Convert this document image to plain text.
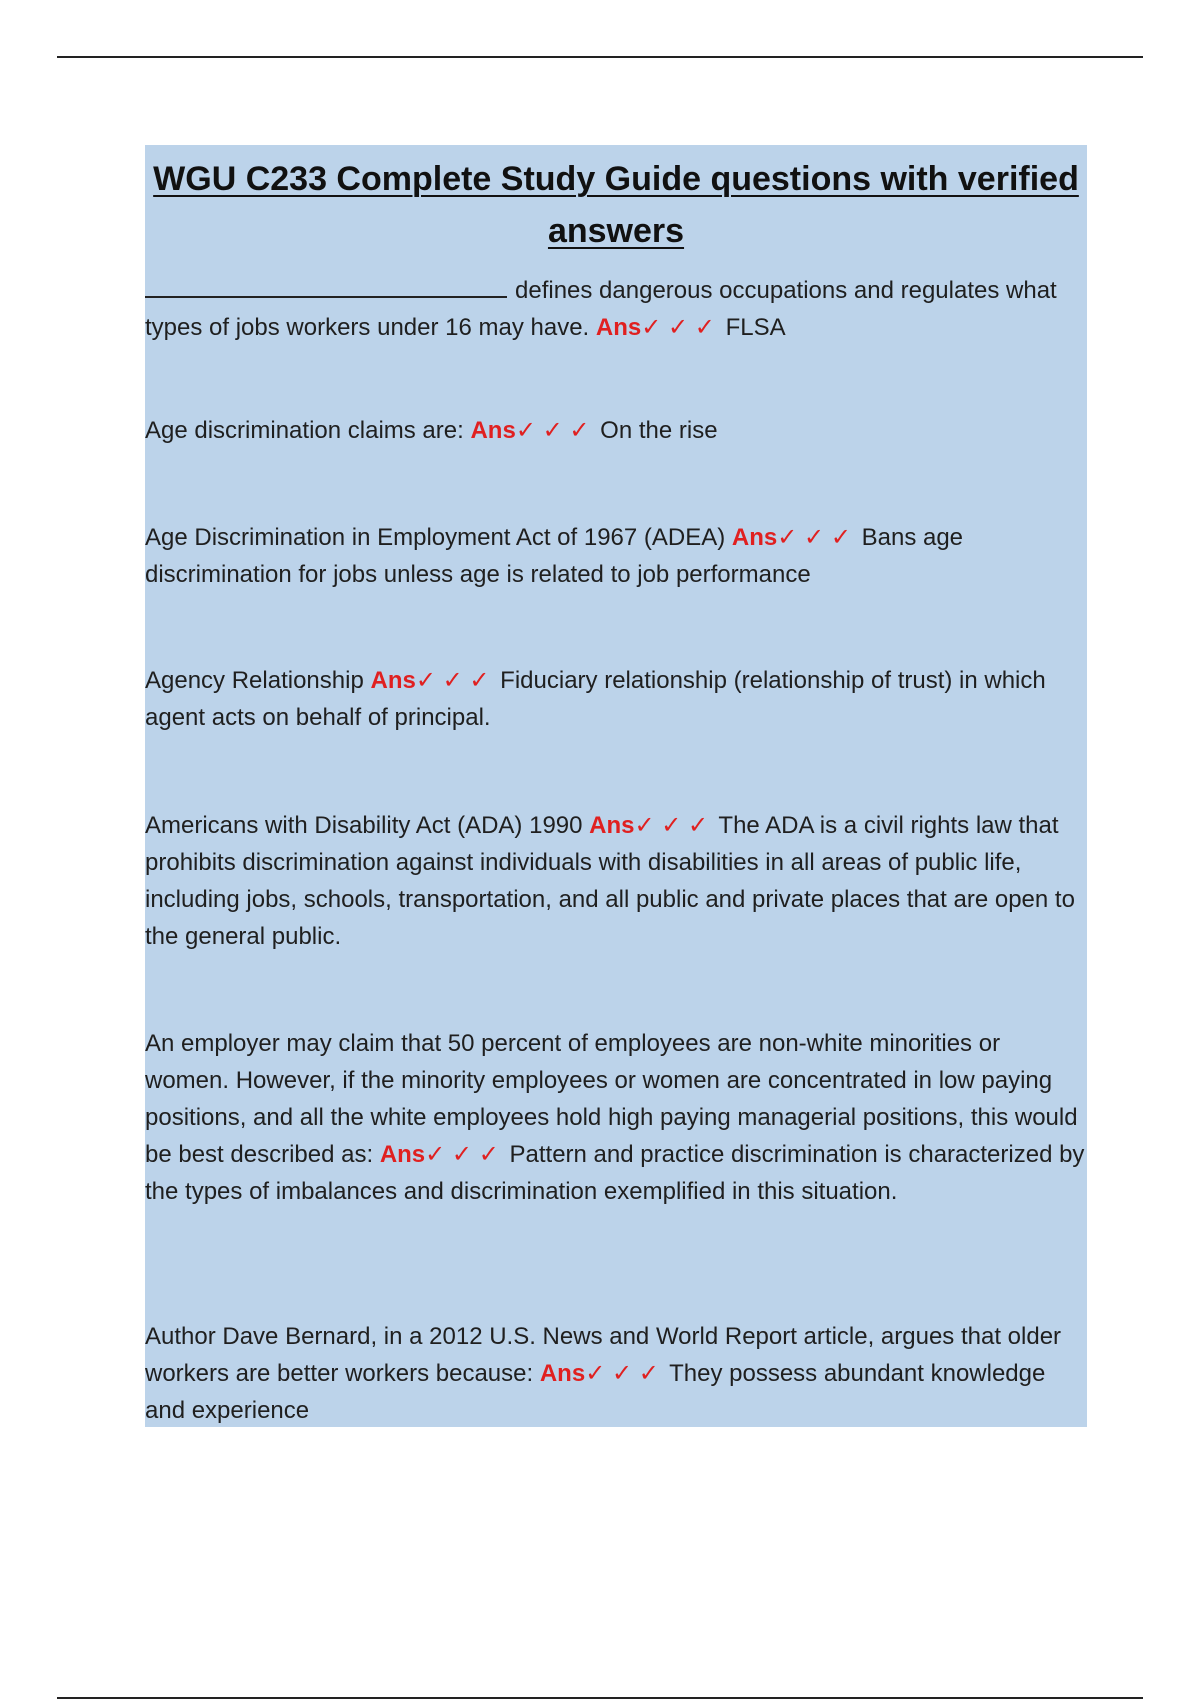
WGU C233 Complete Study Guide questions with verified answers

defines dangerous occupations and regulates what types of jobs workers under 16 may have. Ans✓ ✓ ✓ FLSA

Age discrimination claims are: Ans✓ ✓ ✓ On the rise

Age Discrimination in Employment Act of 1967 (ADEA) Ans✓ ✓ ✓ Bans age discrimination for jobs unless age is related to job performance

Agency Relationship Ans✓ ✓ ✓ Fiduciary relationship (relationship of trust) in which agent acts on behalf of principal.

Americans with Disability Act (ADA) 1990 Ans✓ ✓ ✓ The ADA is a civil rights law that prohibits discrimination against individuals with disabilities in all areas of public life, including jobs, schools, transportation, and all public and private places that are open to the general public.

An employer may claim that 50 percent of employees are non-white minorities or women. However, if the minority employees or women are concentrated in low paying positions, and all the white employees hold high paying managerial positions, this would be best described as: Ans✓ ✓ ✓ Pattern and practice discrimination is characterized by the types of imbalances and discrimination exemplified in this situation.

Author Dave Bernard, in a 2012 U.S. News and World Report article, argues that older workers are better workers because: Ans✓ ✓ ✓ They possess abundant knowledge and experience
